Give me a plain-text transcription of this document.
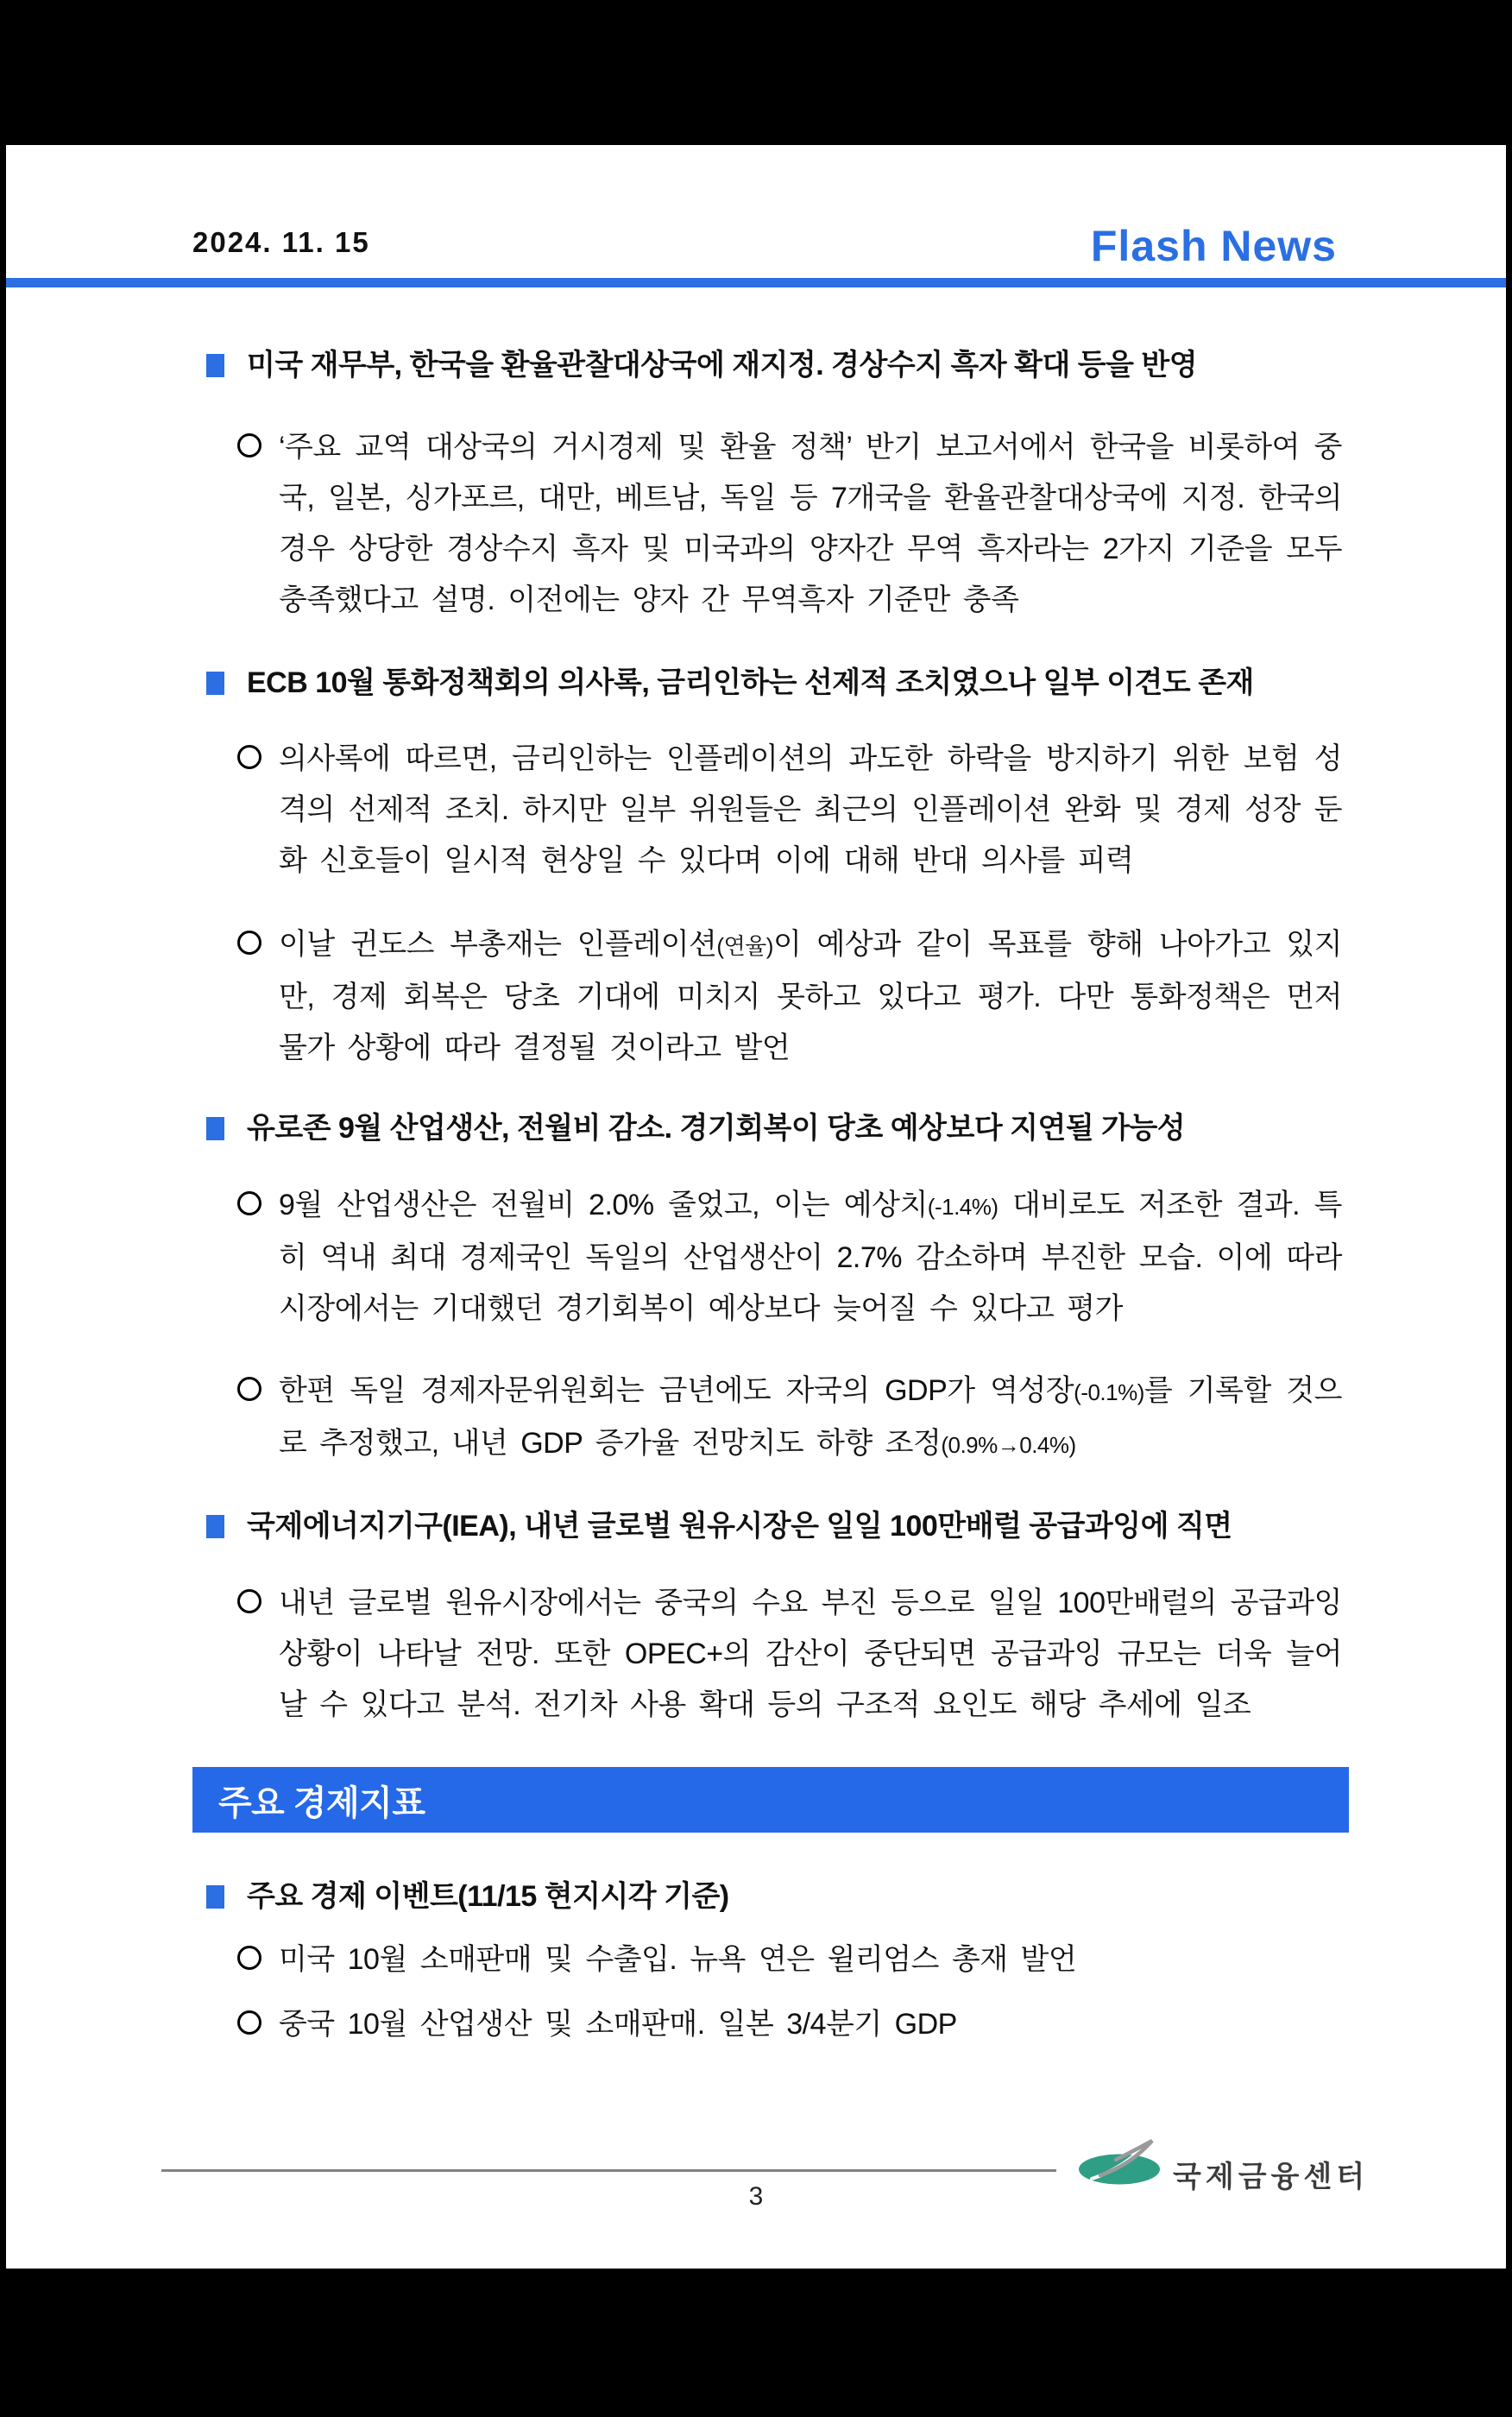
2024. 11. 15	Flash News
미국 재무부, 한국을 환율관찰대상국에 재지정. 경상수지 흑자 확대 등을 반영

‘주요 교역 대상국의 거시경제 및 환율 정책’ 반기 보고서에서 한국을 비롯하여 중국, 일본, 싱가포르, 대만, 베트남, 독일 등 7개국을 환율관찰대상국에 지정. 한국의 경우 상당한 경상수지 흑자 및 미국과의 양자간 무역 흑자라는 2가지 기준을 모두 충족했다고 설명. 이전에는 양자 간 무역흑자 기준만 충족

ECB 10월 통화정책회의 의사록, 금리인하는 선제적 조치였으나 일부 이견도 존재

의사록에 따르면, 금리인하는 인플레이션의 과도한 하락을 방지하기 위한 보험 성격의 선제적 조치. 하지만 일부 위원들은 최근의 인플레이션 완화 및 경제 성장 둔화 신호들이 일시적 현상일 수 있다며 이에 대해 반대 의사를 피력

이날 귄도스 부총재는 인플레이션(연율)이 예상과 같이 목표를 향해 나아가고 있지만, 경제 회복은 당초 기대에 미치지 못하고 있다고 평가. 다만 통화정책은 먼저 물가 상황에 따라 결정될 것이라고 발언

유로존 9월 산업생산, 전월비 감소. 경기회복이 당초 예상보다 지연될 가능성

9월 산업생산은 전월비 2.0% 줄었고, 이는 예상치(-1.4%) 대비로도 저조한 결과. 특히 역내 최대 경제국인 독일의 산업생산이 2.7% 감소하며 부진한 모습. 이에 따라 시장에서는 기대했던 경기회복이 예상보다 늦어질 수 있다고 평가

한편 독일 경제자문위원회는 금년에도 자국의 GDP가 역성장(-0.1%)를 기록할 것으로 추정했고, 내년 GDP 증가율 전망치도 하향 조정(0.9%→0.4%)

국제에너지기구(IEA), 내년 글로벌 원유시장은 일일 100만배럴 공급과잉에 직면

내년 글로벌 원유시장에서는 중국의 수요 부진 등으로 일일 100만배럴의 공급과잉 상황이 나타날 전망. 또한 OPEC+의 감산이 중단되면 공급과잉 규모는 더욱 늘어날 수 있다고 분석. 전기차 사용 확대 등의 구조적 요인도 해당 추세에 일조

주요 경제지표
주요 경제 이벤트(11/15 현지시각 기준)

미국 10월 소매판매 및 수출입. 뉴욕 연은 윌리엄스 총재 발언

중국 10월 산업생산 및 소매판매. 일본 3/4분기 GDP

국제금융센터
3
